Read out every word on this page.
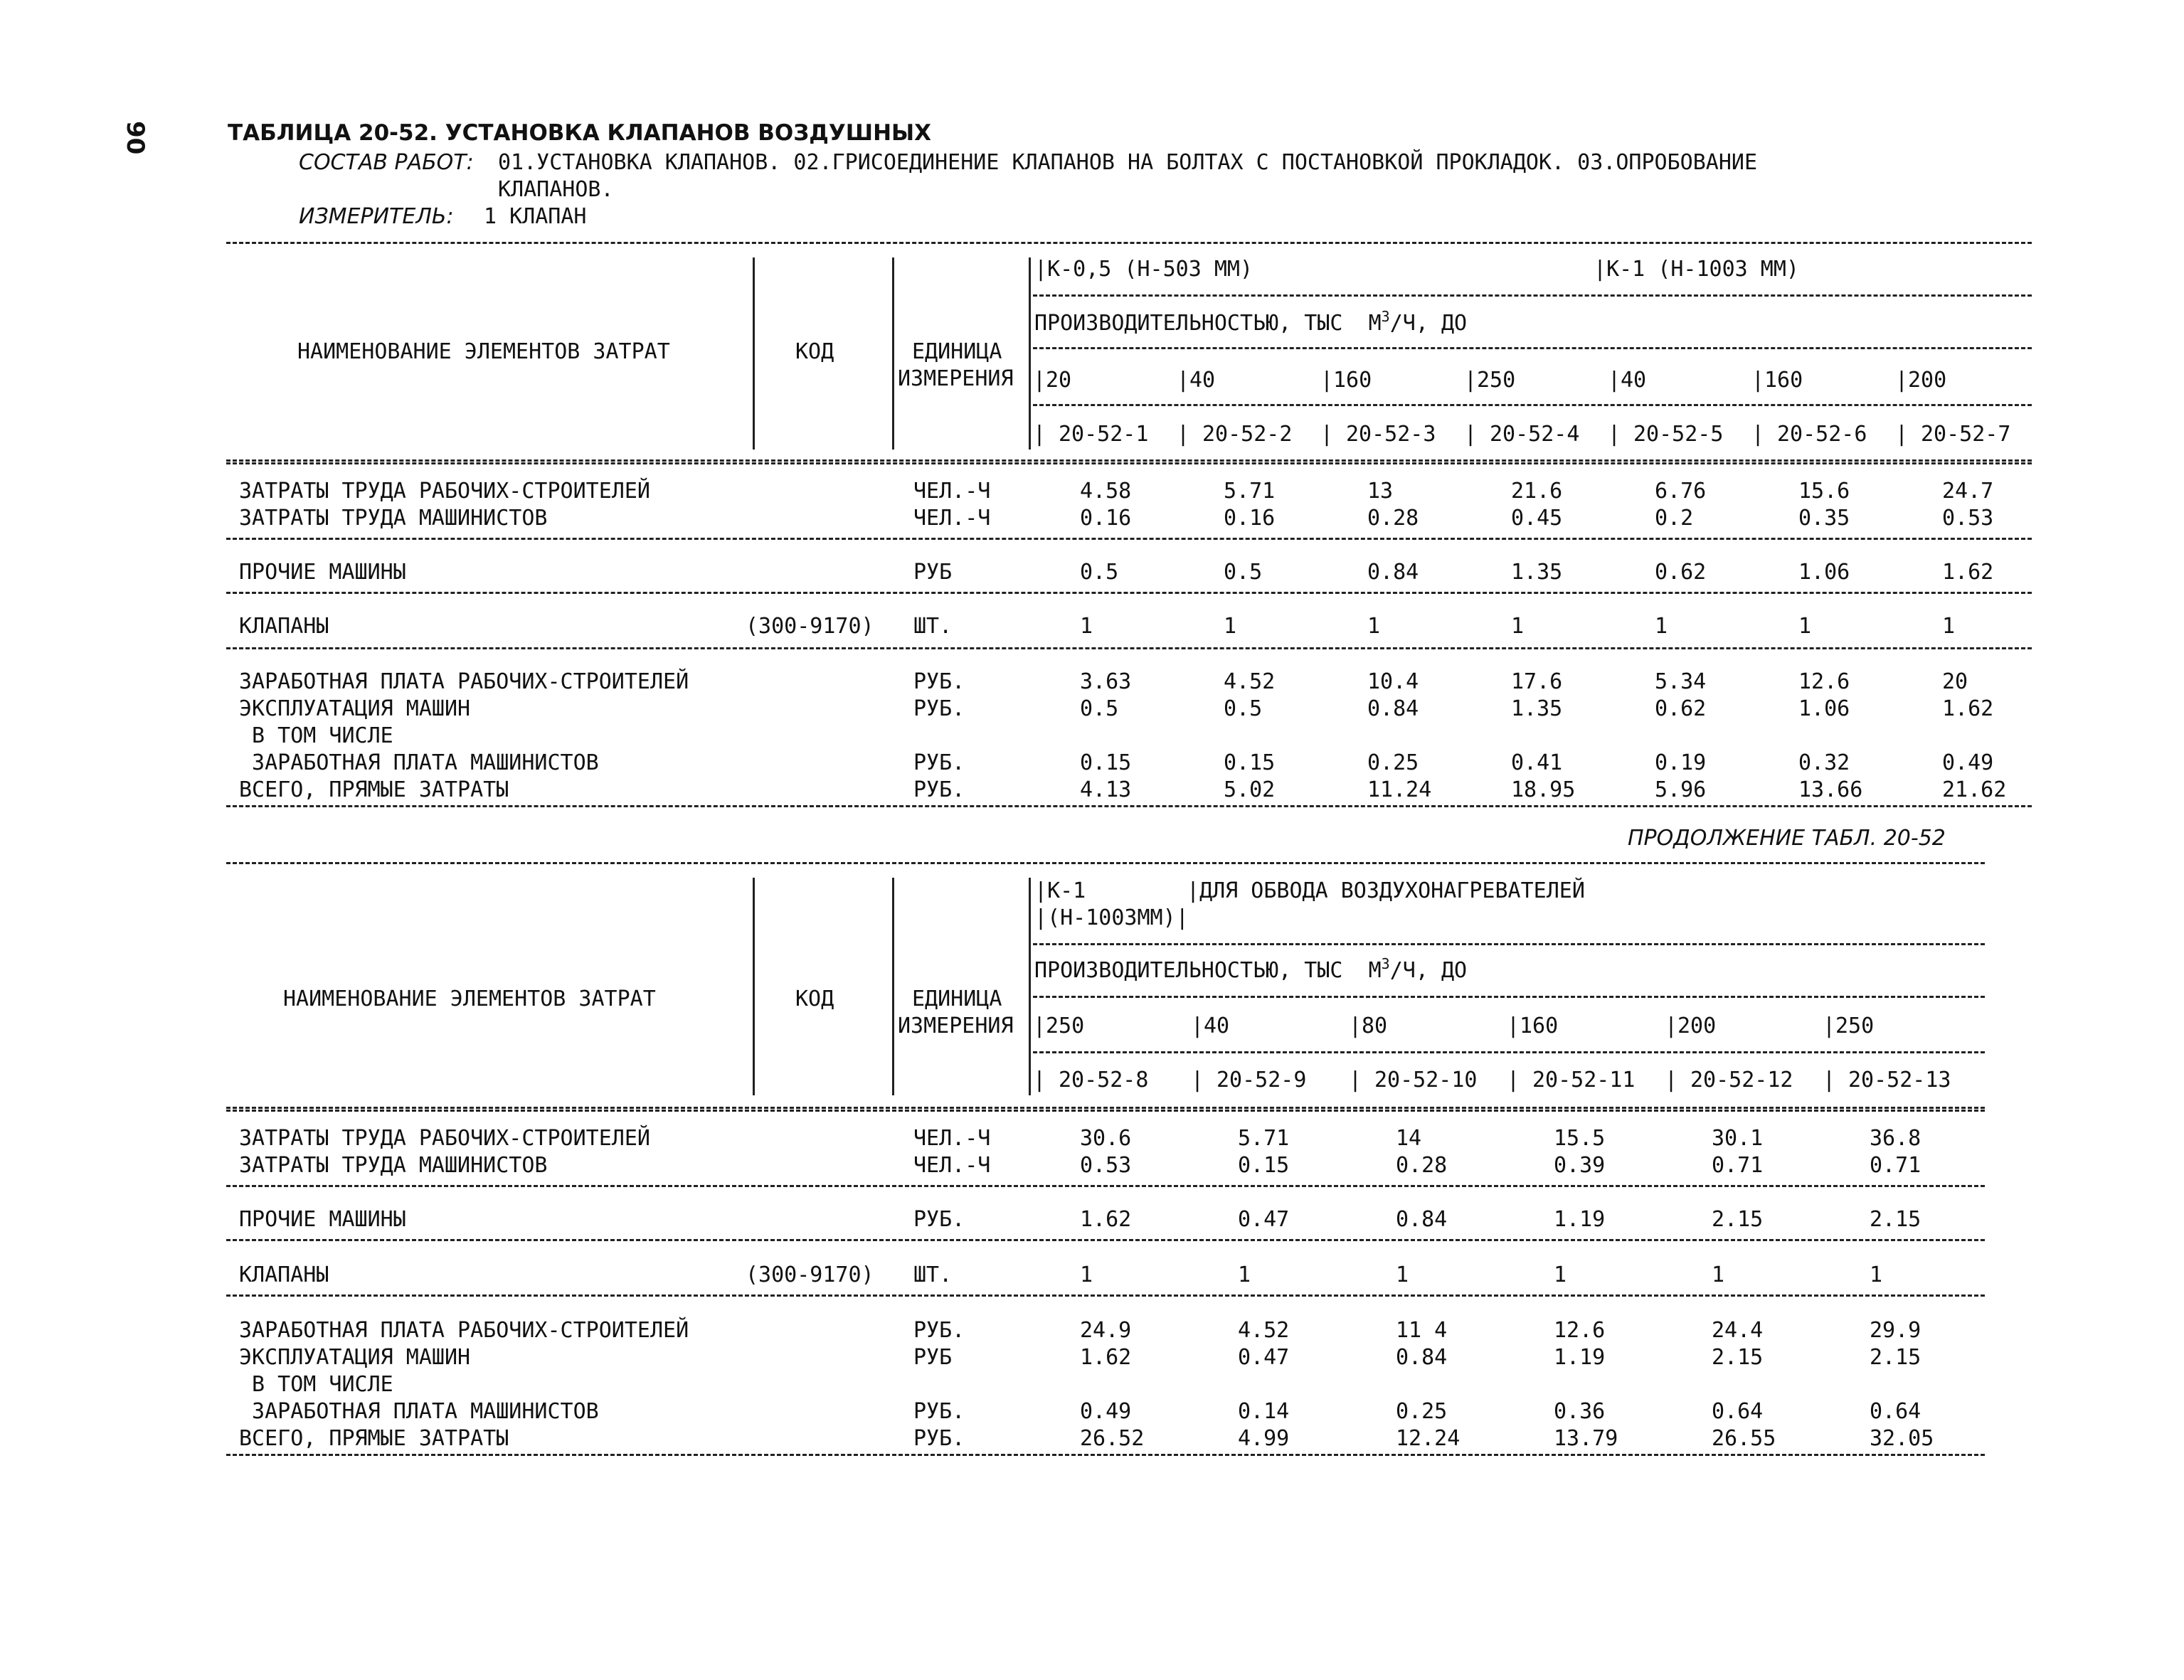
90	ТАБЛИЦА 20-52. УСТАНОВКА КЛАПАНОВ ВОЗДУШНЫХ
СОСТАВ РАБОТ: 01.УСТАНОВКА КЛАПАНОВ. 02.ГРИСОЕДИНЕНИЕ КЛАПАНОВ НА БОЛТАХ С ПОСТАНОВКОЙ ПРОКЛАДОК. 03.ОПРОБОВАНИЕ
КЛАПАНОВ.
ИЗМЕРИТЕЛЬ: 1 КЛАПАН
|К-0,5 (Н-503 ММ)	|К-1 (Н-1003 ММ)
ПРОИЗВОДИТЕЛЬНОСТЬЮ, ТЫС  $М^3/Ч$, ДО
НАИМЕНОВАНИЕ ЭЛЕМЕНТОВ ЗАТРАТ	КОД	ЕДИНИЦА
ИЗМЕРЕНИЯ | 20	| 40	| 160	| 250	| 40	| 160	| 200
| 20-52-1 | 20-52-2 | 20-52-3 | 20-52-4 | 20-52-5 | 20-52-6 | 20-52-7
ЗАТРАТЫ ТРУДА РАБОЧИХ-СТРОИТЕЛЕЙ	ЧЕЛ.-Ч	4.58	5.71	13	21.6	6.76	15.6	24.7
ЗАТРАТЫ ТРУДА МАШИНИСТОВ	ЧЕЛ.-Ч	0.16	0.16	0.28	0.45	0.2	0.35	0.53
ПРОЧИЕ МАШИНЫ	РУБ	0.5	0.5	0.84	1.35	0.62	1.06	1.62
КЛАПАНЫ	(300-9170) ШТ.	1	1	1	1	1	1	1
ЗАРАБОТНАЯ ПЛАТА РАБОЧИХ-СТРОИТЕЛЕЙ	РУБ.	3.63	4.52	10.4	17.6	5.34	12.6	20
ЭКСПЛУАТАЦИЯ МАШИН	РУБ.	0.5	0.5	0.84	1.35	0.62	1.06	1.62
В ТОМ ЧИСЛЕ
ЗАРАБОТНАЯ ПЛАТА МАШИНИСТОВ	РУБ.	0.15	0.15	0.25	0.41	0.19	0.32	0.49
ВСЕГО, ПРЯМЫЕ ЗАТРАТЫ	РУБ.	4.13	5.02	11.24	18.95	5.96	13.66	21.62
ПРОДОЛЖЕНИЕ ТАБЛ. 20-52
|К-1
|(Н-1003ММ)|
|ДЛЯ ОБВОДА ВОЗДУХОНАГРЕВАТЕЛЕЙ
ПРОИЗВОДИТЕЛЬНОСТЬЮ, ТЫС  $М^3/Ч$, ДО
НАИМЕНОВАНИЕ ЭЛЕМЕНТОВ ЗАТРАТ	КОД	ЕДИНИЦА
ИЗМЕРЕНИЯ | 250	| 40	| 80	| 160	| 200	| 250
| 20-52-8 | 20-52-9 | 20-52-10 | 20-52-11 | 20-52-12 | 20-52-13
ЗАТРАТЫ ТРУДА РАБОЧИХ-СТРОИТЕЛЕЙ	ЧЕЛ.-Ч	30.6	5.71	14	15.5	30.1	36.8
ЗАТРАТЫ ТРУДА МАШИНИСТОВ	ЧЕЛ.-Ч	0.53	0.15	0.28	0.39	0.71	0.71
ПРОЧИЕ МАШИНЫ	РУБ.	1.62	0.47	0.84	1.19	2.15	2.15
КЛАПАНЫ	(300-9170) ШТ.	1	1	1	1	1	1
ЗАРАБОТНАЯ ПЛАТА РАБОЧИХ-СТРОИТЕЛЕЙ	РУБ.	24.9	4.52	11 4	12.6	24.4	29.9
ЭКСПЛУАТАЦИЯ МАШИН	РУБ	1.62	0.47	0.84	1.19	2.15	2.15
В ТОМ ЧИСЛЕ
ЗАРАБОТНАЯ ПЛАТА МАШИНИСТОВ	РУБ.	0.49	0.14	0.25	0.36	0.64	0.64
ВСЕГО, ПРЯМЫЕ ЗАТРАТЫ	РУБ.	26.52	4.99	12.24	13.79	26.55	32.05
